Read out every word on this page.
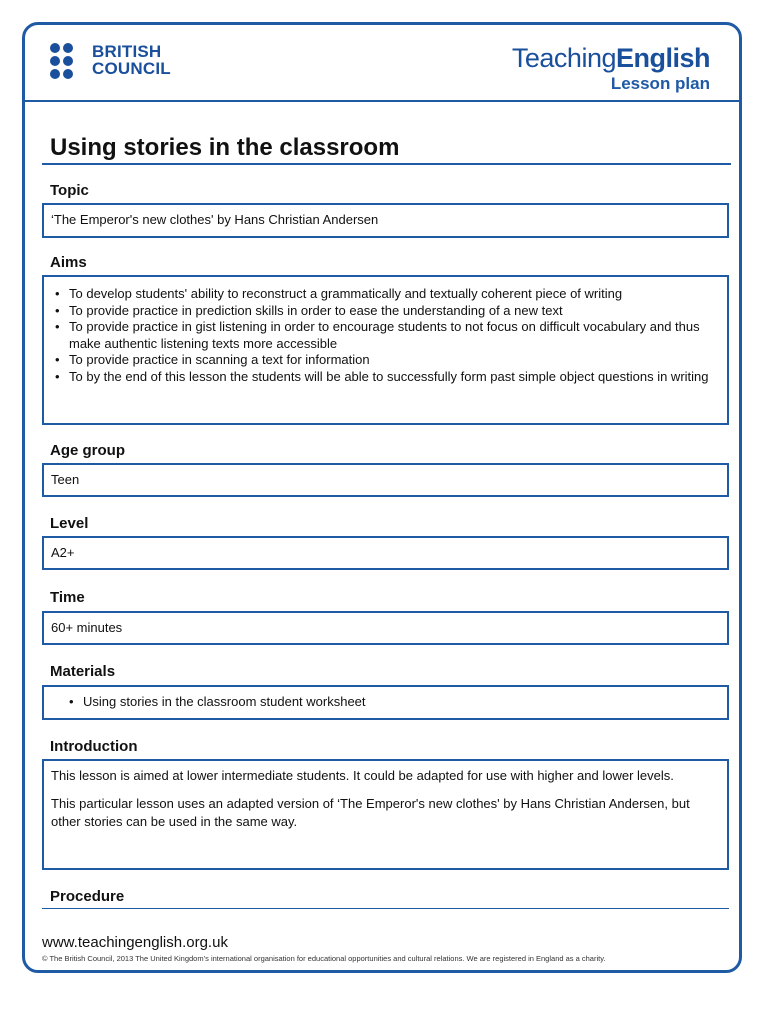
BRITISH
COUNCIL	TeachingEnglish
Lesson plan
Using stories in the classroom
Topic
‘The Emperor's new clothes' by Hans Christian Andersen
Aims
• To develop students' ability to reconstruct a grammatically and textually coherent piece of writing
• To provide practice in prediction skills in order to ease the understanding of a new text
• To provide practice in gist listening in order to encourage students to not focus on difficult vocabulary and thus make authentic listening texts more accessible
• To provide practice in scanning a text for information
• To by the end of this lesson the students will be able to successfully form past simple object questions in writing
Age group
Teen
Level
A2+
Time
60+ minutes
Materials
• Using stories in the classroom student worksheet
Introduction

This lesson is aimed at lower intermediate students. It could be adapted for use with higher and lower levels.

This particular lesson uses an adapted version of ‘The Emperor's new clothes' by Hans Christian Andersen, but other stories can be used in the same way.

Procedure
www.teachingenglish.org.uk
© The British Council, 2013 The United Kingdom’s international organisation for educational opportunities and cultural relations. We are registered in England as a charity.
